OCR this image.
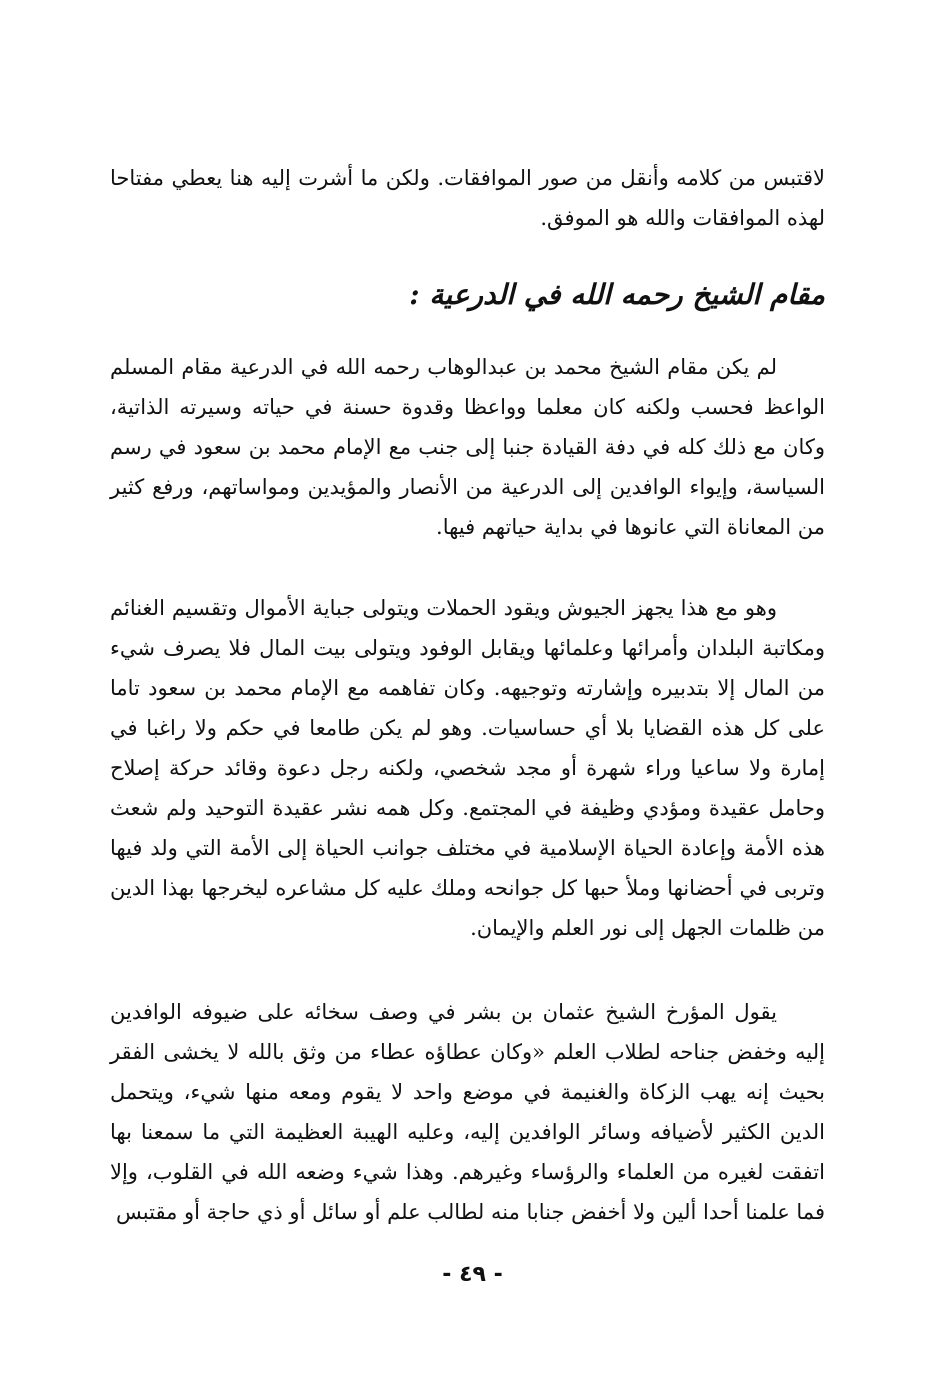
لاقتبس من كلامه وأنقل من صور الموافقات. ولكن ما أشرت إليه هنا يعطي مفتاحا لهذه الموافقات والله هو الموفق.

مقام الشيخ رحمه الله في الدرعية :

لم يكن مقام الشيخ محمد بن عبدالوهاب رحمه الله في الدرعية مقام المسلم الواعظ فحسب ولكنه كان معلما وواعظا وقدوة حسنة في حياته وسيرته الذاتية، وكان مع ذلك كله في دفة القيادة جنبا إلى جنب مع الإمام محمد بن سعود في رسم السياسة، وإيواء الوافدين إلى الدرعية من الأنصار والمؤيدين ومواساتهم، ورفع كثير من المعاناة التي عانوها في بداية حياتهم فيها.

وهو مع هذا يجهز الجيوش ويقود الحملات ويتولى جباية الأموال وتقسيم الغنائم ومكاتبة البلدان وأمرائها وعلمائها ويقابل الوفود ويتولى بيت المال فلا يصرف شيء من المال إلا بتدبيره وإشارته وتوجيهه. وكان تفاهمه مع الإمام محمد بن سعود تاما على كل هذه القضايا بلا أي حساسيات. وهو لم يكن طامعا في حكم ولا راغبا في إمارة ولا ساعيا وراء شهرة أو مجد شخصي، ولكنه رجل دعوة وقائد حركة إصلاح وحامل عقيدة ومؤدي وظيفة في المجتمع. وكل همه نشر عقيدة التوحيد ولم شعث هذه الأمة وإعادة الحياة الإسلامية في مختلف جوانب الحياة إلى الأمة التي ولد فيها وتربى في أحضانها وملأ حبها كل جوانحه وملك عليه كل مشاعره ليخرجها بهذا الدين من ظلمات الجهل إلى نور العلم والإيمان.

يقول المؤرخ الشيخ عثمان بن بشر في وصف سخائه على ضيوفه الوافدين إليه وخفض جناحه لطلاب العلم «وكان عطاؤه عطاء من وثق بالله لا يخشى الفقر بحيث إنه يهب الزكاة والغنيمة في موضع واحد لا يقوم ومعه منها شيء، ويتحمل الدين الكثير لأضيافه وسائر الوافدين إليه، وعليه الهيبة العظيمة التي ما سمعنا بها اتفقت لغيره من العلماء والرؤساء وغيرهم. وهذا شيء وضعه الله في القلوب، وإلا فما علمنا أحدا ألين ولا أخفض جنابا منه لطالب علم أو سائل أو ذي حاجة أو مقتبس

- ٤٩ -
